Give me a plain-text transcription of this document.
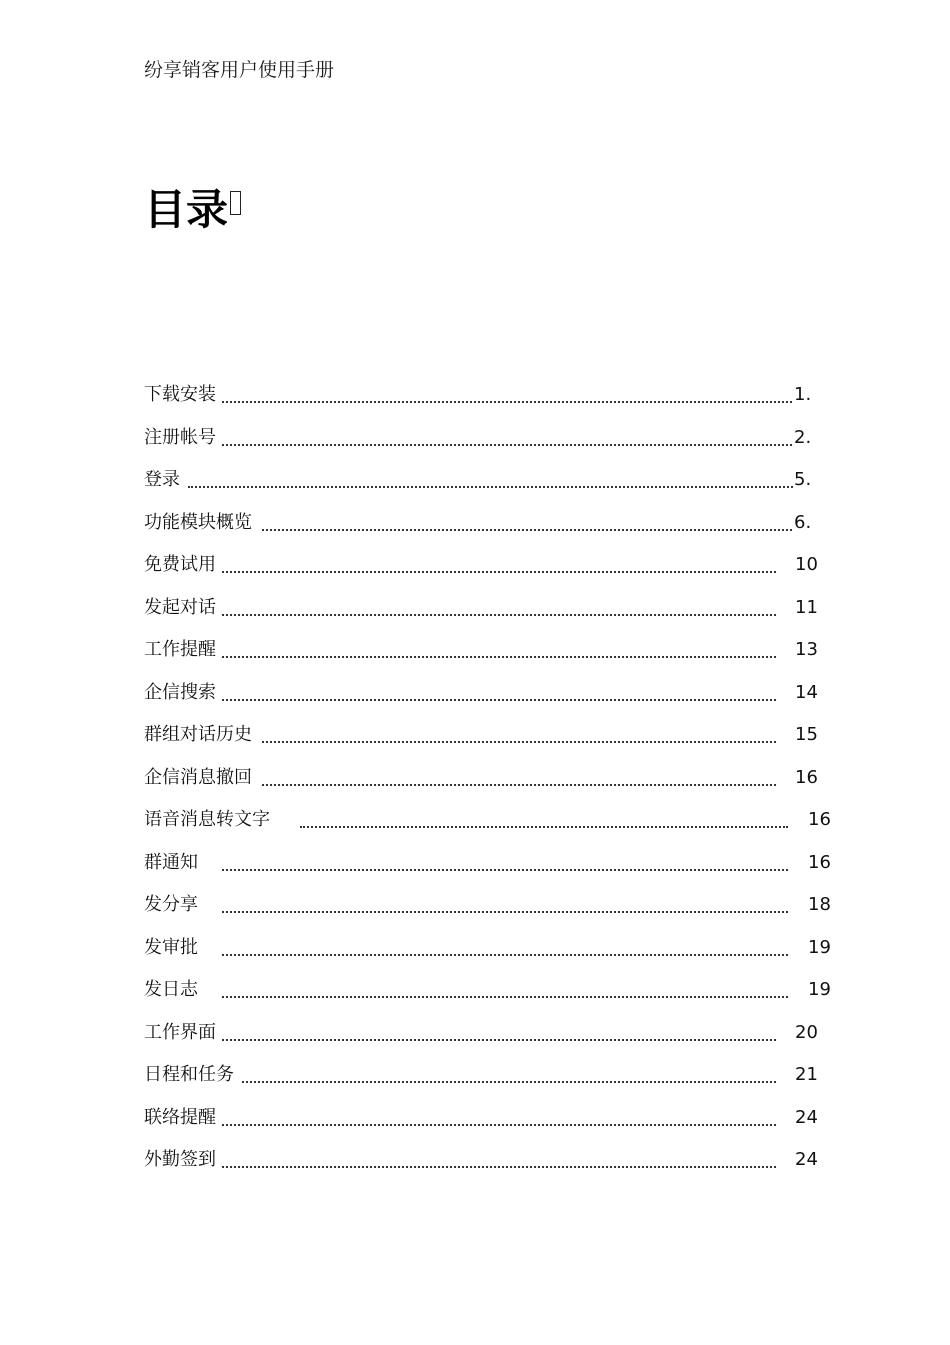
纷享销客用户使用手册
目录
下载安装	1.
注册帐号	2.
登录	5.
功能模块概览	6.
免费试用	10
发起对话	11
工作提醒	13
企信搜索	14
群组对话历史	15
企信消息撤回	16
语音消息转文字	16
群通知	16
发分享	18
发审批	19
发日志	19
工作界面	20
日程和任务	21
联络提醒	24
外勤签到	24
